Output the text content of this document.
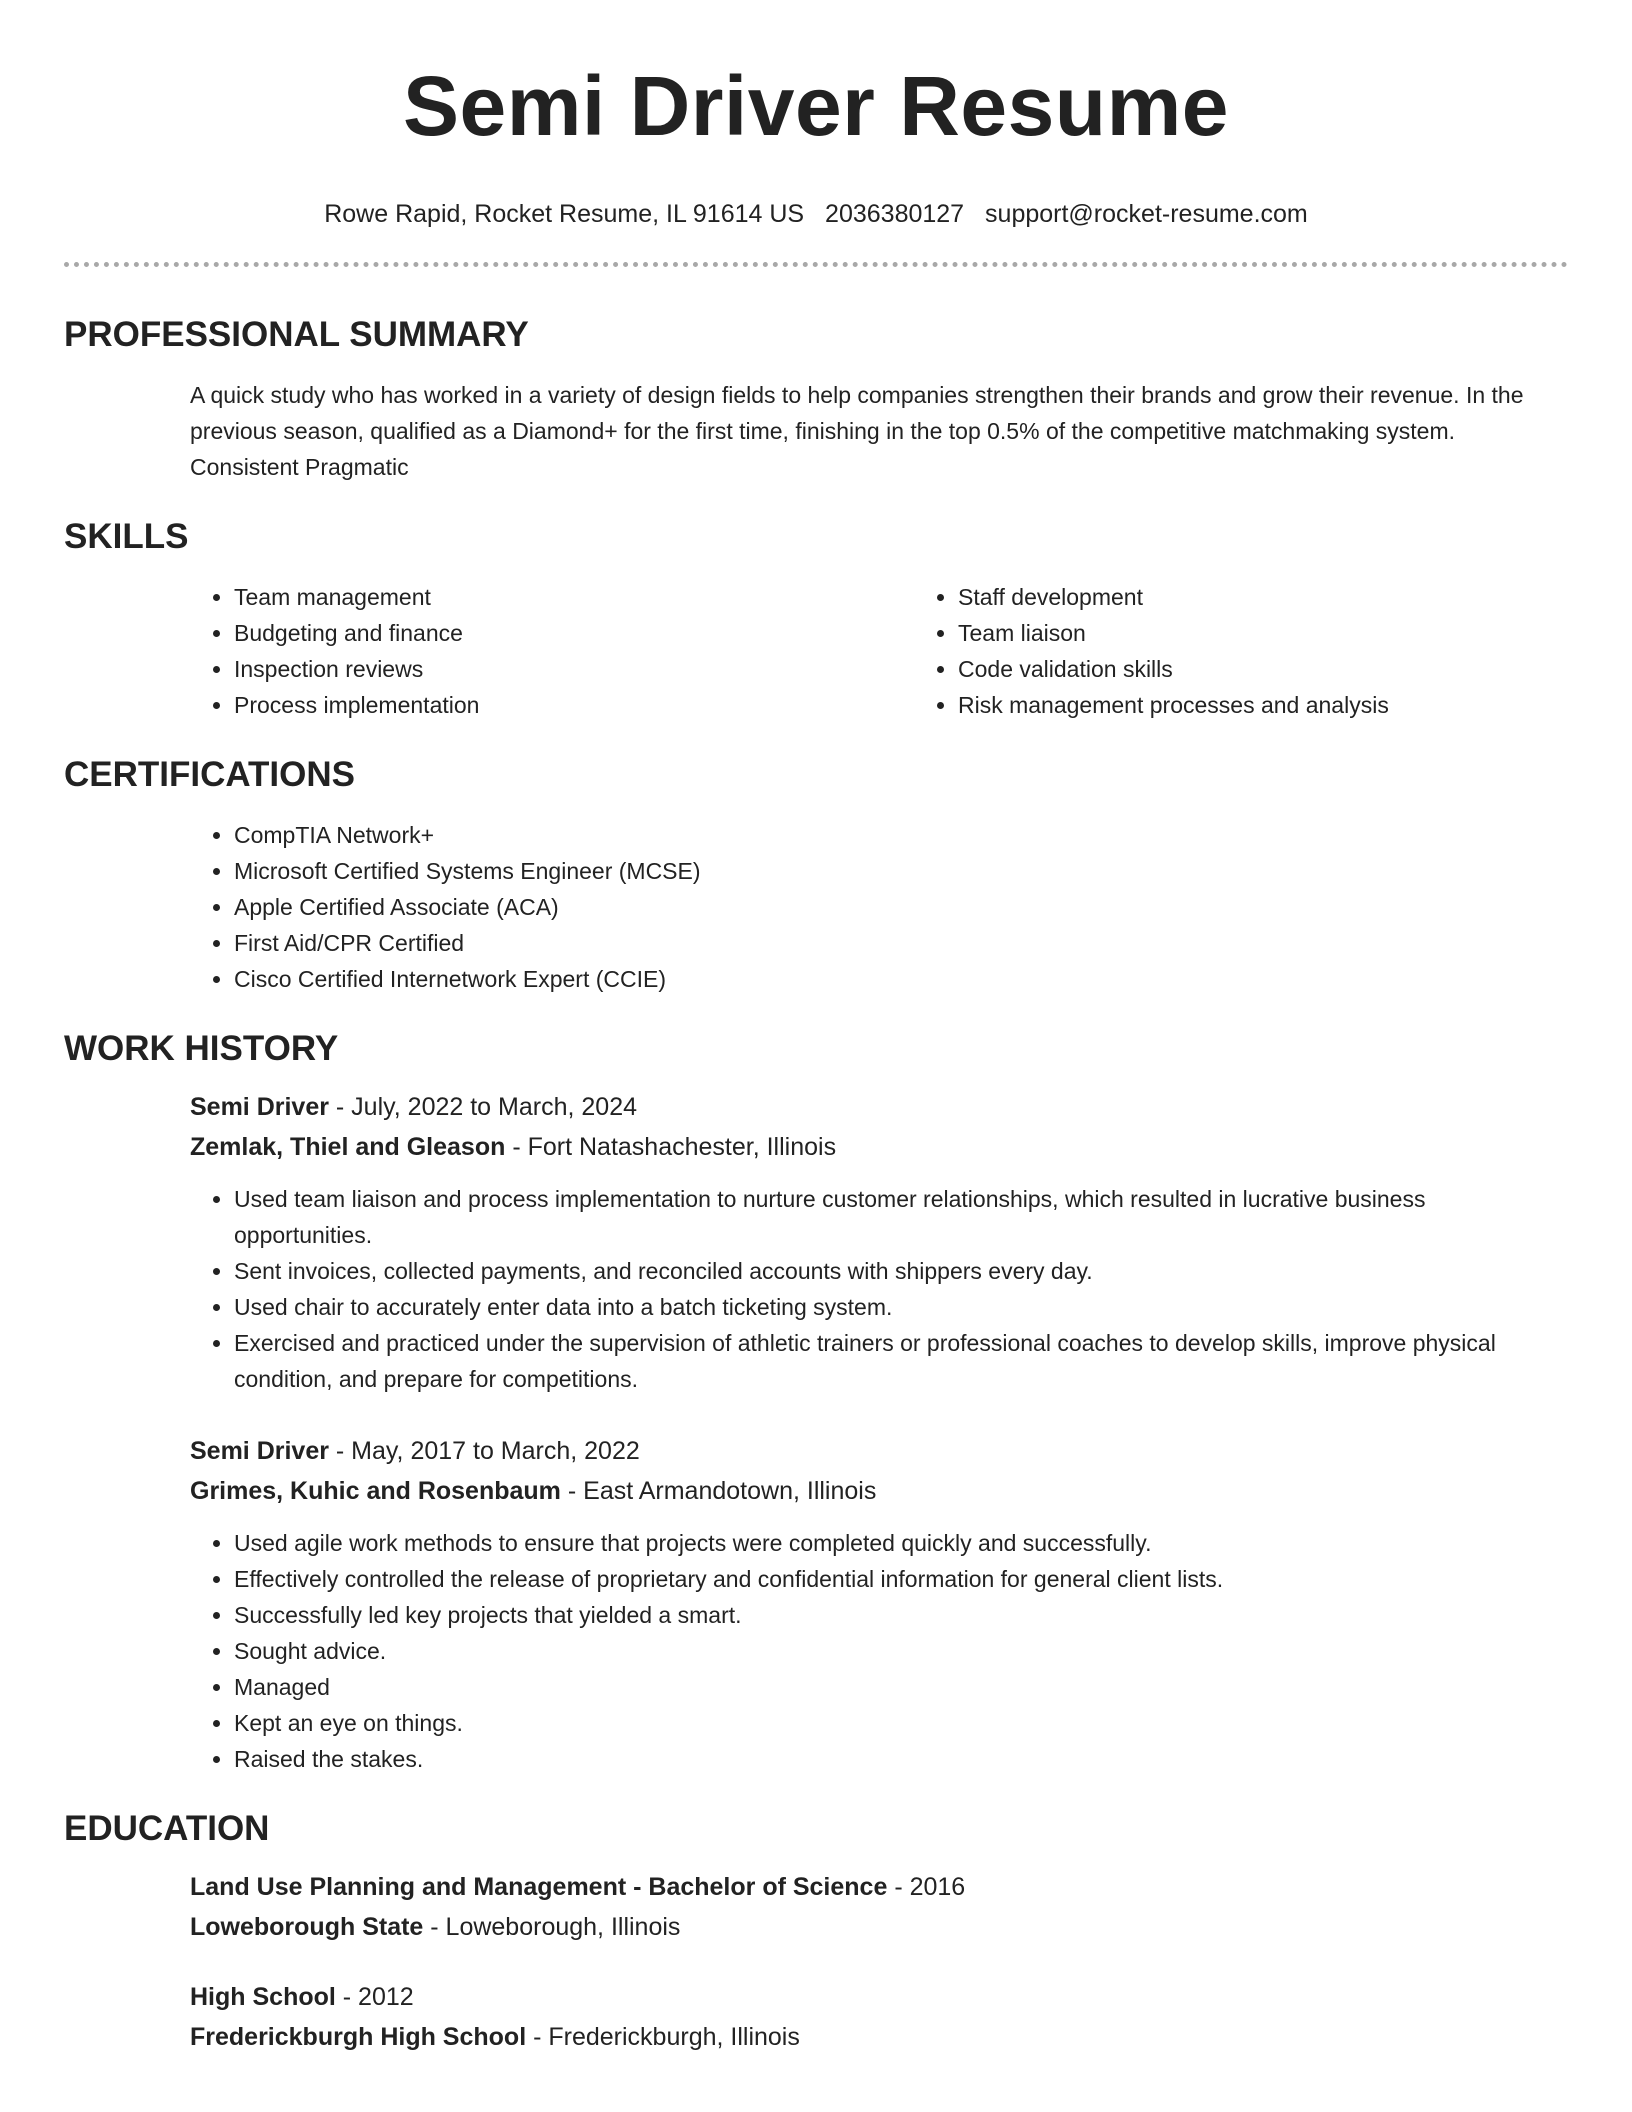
Semi Driver Resume
Rowe Rapid, Rocket Resume, IL 91614 US 2036380127 support@rocket-resume.com
PROFESSIONAL SUMMARY
A quick study who has worked in a variety of design fields to help companies strengthen their brands and grow their revenue. In the previous season, qualified as a Diamond+ for the first time, finishing in the top 0.5% of the competitive matchmaking system. Consistent Pragmatic
SKILLS
• Team management
• Budgeting and finance
• Inspection reviews
• Process implementation
• Staff development
• Team liaison
• Code validation skills
• Risk management processes and analysis
CERTIFICATIONS
• CompTIA Network+
• Microsoft Certified Systems Engineer (MCSE)
• Apple Certified Associate (ACA)
• First Aid/CPR Certified
• Cisco Certified Internetwork Expert (CCIE)
WORK HISTORY
Semi Driver - July, 2022 to March, 2024
Zemlak, Thiel and Gleason - Fort Natashachester, Illinois
• Used team liaison and process implementation to nurture customer relationships, which resulted in lucrative business opportunities.
• Sent invoices, collected payments, and reconciled accounts with shippers every day.
• Used chair to accurately enter data into a batch ticketing system.
• Exercised and practiced under the supervision of athletic trainers or professional coaches to develop skills, improve physical condition, and prepare for competitions.
Semi Driver - May, 2017 to March, 2022
Grimes, Kuhic and Rosenbaum - East Armandotown, Illinois
• Used agile work methods to ensure that projects were completed quickly and successfully.
• Effectively controlled the release of proprietary and confidential information for general client lists.
• Successfully led key projects that yielded a smart.
• Sought advice.
• Managed
• Kept an eye on things.
• Raised the stakes.
EDUCATION
Land Use Planning and Management - Bachelor of Science - 2016
Loweborough State - Loweborough, Illinois
High School - 2012
Frederickburgh High School - Frederickburgh, Illinois
